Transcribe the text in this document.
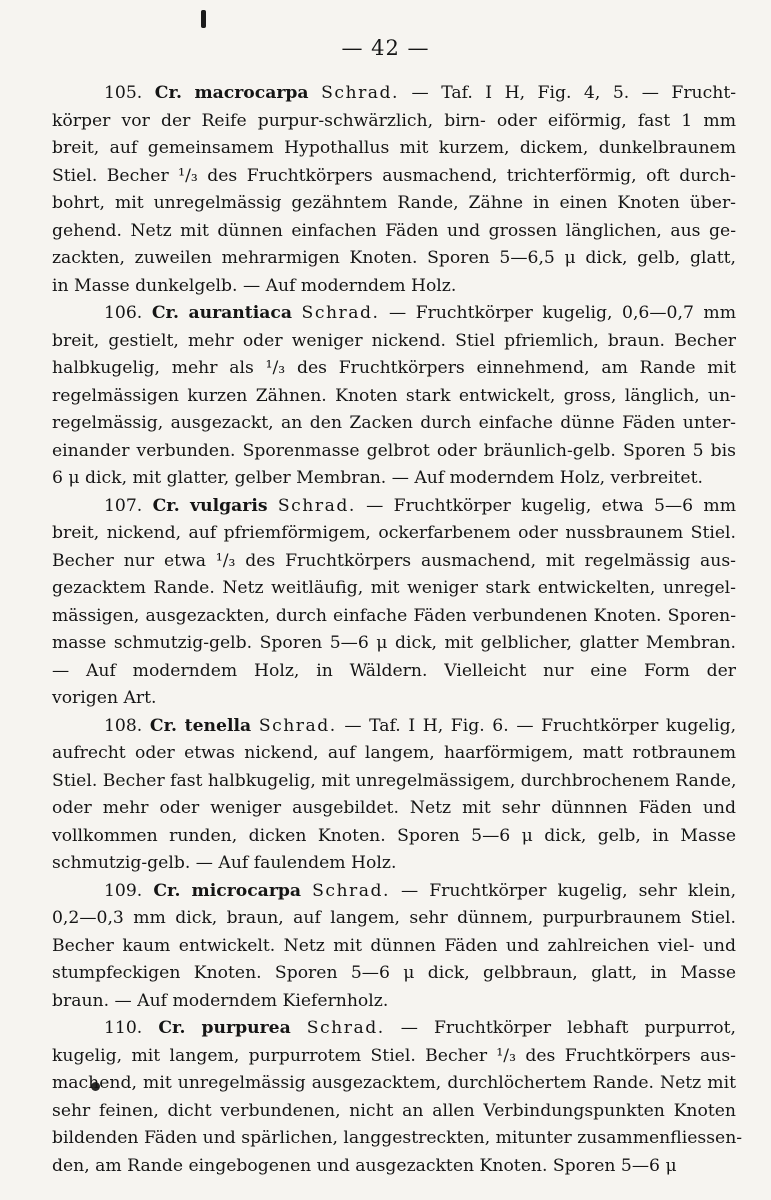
— 42 —
105. Cr. macrocarpa Schrad. — Taf. I H, Fig. 4, 5. — Frucht-
körper vor der Reife purpur-schwärzlich, birn- oder eiförmig, fast 1 mm
breit, auf gemeinsamem Hypothallus mit kurzem, dickem, dunkelbraunem
Stiel. Becher ¹/₃ des Fruchtkörpers ausmachend, trichterförmig, oft durch-
bohrt, mit unregelmässig gezähntem Rande, Zähne in einen Knoten über-
gehend. Netz mit dünnen einfachen Fäden und grossen länglichen, aus ge-
zackten, zuweilen mehrarmigen Knoten. Sporen 5—6,5 μ dick, gelb, glatt,
in Masse dunkelgelb. — Auf moderndem Holz.
106. Cr. aurantiaca Schrad. — Fruchtkörper kugelig, 0,6—0,7 mm
breit, gestielt, mehr oder weniger nickend. Stiel pfriemlich, braun. Becher
halbkugelig, mehr als ¹/₃ des Fruchtkörpers einnehmend, am Rande mit
regelmässigen kurzen Zähnen. Knoten stark entwickelt, gross, länglich, un-
regelmässig, ausgezackt, an den Zacken durch einfache dünne Fäden unter-
einander verbunden. Sporenmasse gelbrot oder bräunlich-gelb. Sporen 5 bis
6 μ dick, mit glatter, gelber Membran. — Auf moderndem Holz, verbreitet.
107. Cr. vulgaris Schrad. — Fruchtkörper kugelig, etwa 5—6 mm
breit, nickend, auf pfriemförmigem, ockerfarbenem oder nussbraunem Stiel.
Becher nur etwa ¹/₃ des Fruchtkörpers ausmachend, mit regelmässig aus-
gezacktem Rande. Netz weitläufig, mit weniger stark entwickelten, unregel-
mässigen, ausgezackten, durch einfache Fäden verbundenen Knoten. Sporen-
masse schmutzig-gelb. Sporen 5—6 μ dick, mit gelblicher, glatter Membran.
— Auf moderndem Holz, in Wäldern. Vielleicht nur eine Form der
vorigen Art.
108. Cr. tenella Schrad. — Taf. I H, Fig. 6. — Fruchtkörper kugelig,
aufrecht oder etwas nickend, auf langem, haarförmigem, matt rotbraunem
Stiel. Becher fast halbkugelig, mit unregelmässigem, durchbrochenem Rande,
oder mehr oder weniger ausgebildet. Netz mit sehr dünnnen Fäden und
vollkommen runden, dicken Knoten. Sporen 5—6 μ dick, gelb, in Masse
schmutzig-gelb. — Auf faulendem Holz.
109. Cr. microcarpa Schrad. — Fruchtkörper kugelig, sehr klein,
0,2—0,3 mm dick, braun, auf langem, sehr dünnem, purpurbraunem Stiel.
Becher kaum entwickelt. Netz mit dünnen Fäden und zahlreichen viel- und
stumpfeckigen Knoten. Sporen 5—6 μ dick, gelbbraun, glatt, in Masse
braun. — Auf moderndem Kiefernholz.
110. Cr. purpurea Schrad. — Fruchtkörper lebhaft purpurrot,
kugelig, mit langem, purpurrotem Stiel. Becher ¹/₃ des Fruchtkörpers aus-
machend, mit unregelmässig ausgezacktem, durchlöchertem Rande. Netz mit
sehr feinen, dicht verbundenen, nicht an allen Verbindungspunkten Knoten
bildenden Fäden und spärlichen, langgestreckten, mitunter zusammenfliessen-
den, am Rande eingebogenen und ausgezackten Knoten. Sporen 5—6 μ
